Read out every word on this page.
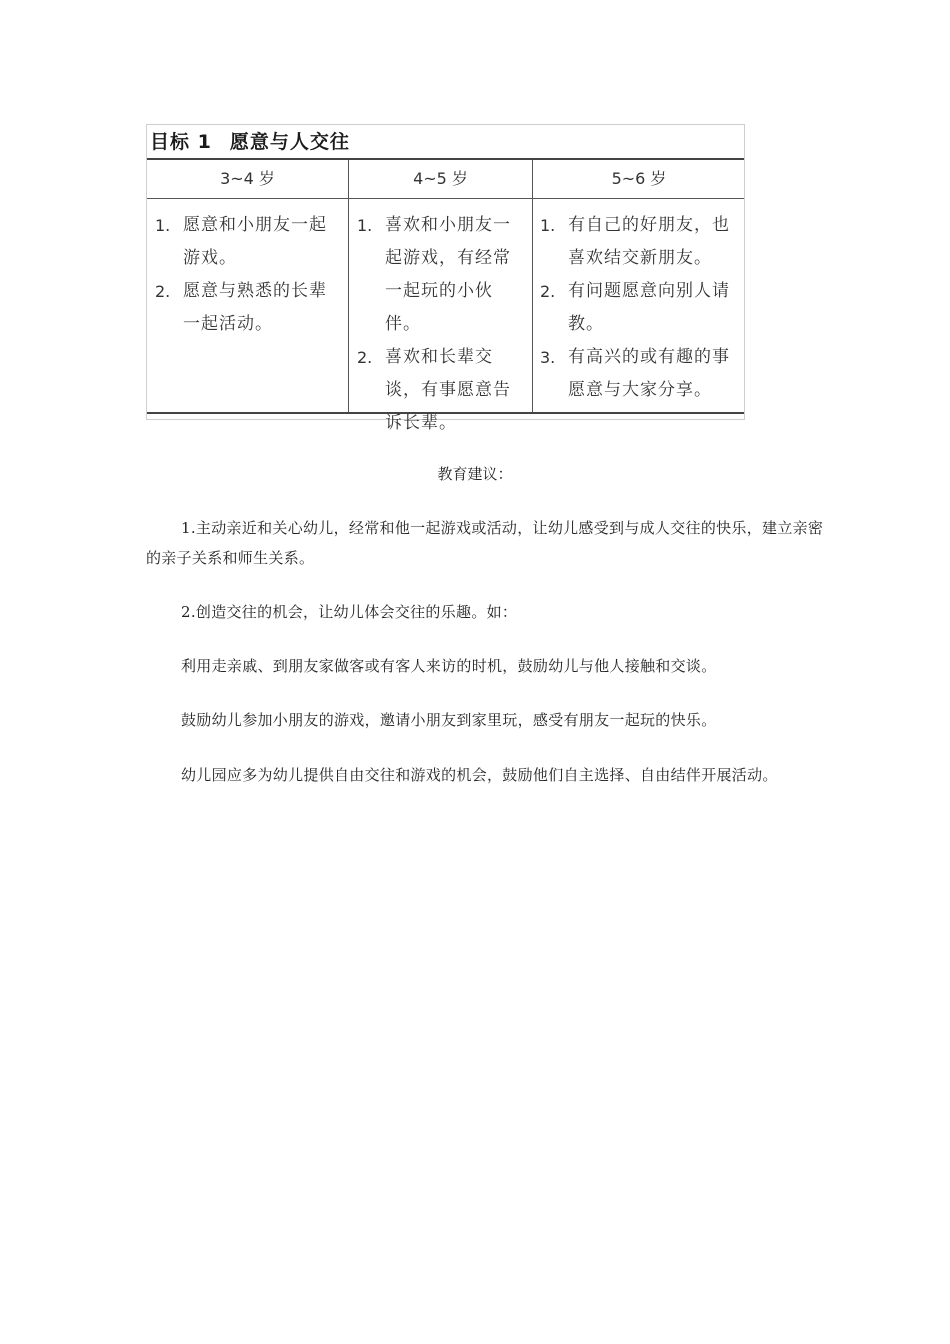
目标 1 愿意与人交往
3~4 岁	4~5 岁	5~6 岁
1. 愿意和小朋友一起游戏。
2. 愿意与熟悉的长辈一起活动。
1. 喜欢和小朋友一起游戏，有经常一起玩的小伙伴。
2. 喜欢和长辈交谈，有事愿意告诉长辈。
1. 有自己的好朋友，也喜欢结交新朋友。
2. 有问题愿意向别人请教。
3. 有高兴的或有趣的事愿意与大家分享。
教育建议：

1.主动亲近和关心幼儿，经常和他一起游戏或活动，让幼儿感受到与成人交往的快乐，建立亲密的亲子关系和师生关系。

2.创造交往的机会，让幼儿体会交往的乐趣。如：

利用走亲戚、到朋友家做客或有客人来访的时机，鼓励幼儿与他人接触和交谈。

鼓励幼儿参加小朋友的游戏，邀请小朋友到家里玩，感受有朋友一起玩的快乐。

幼儿园应多为幼儿提供自由交往和游戏的机会，鼓励他们自主选择、自由结伴开展活动。
